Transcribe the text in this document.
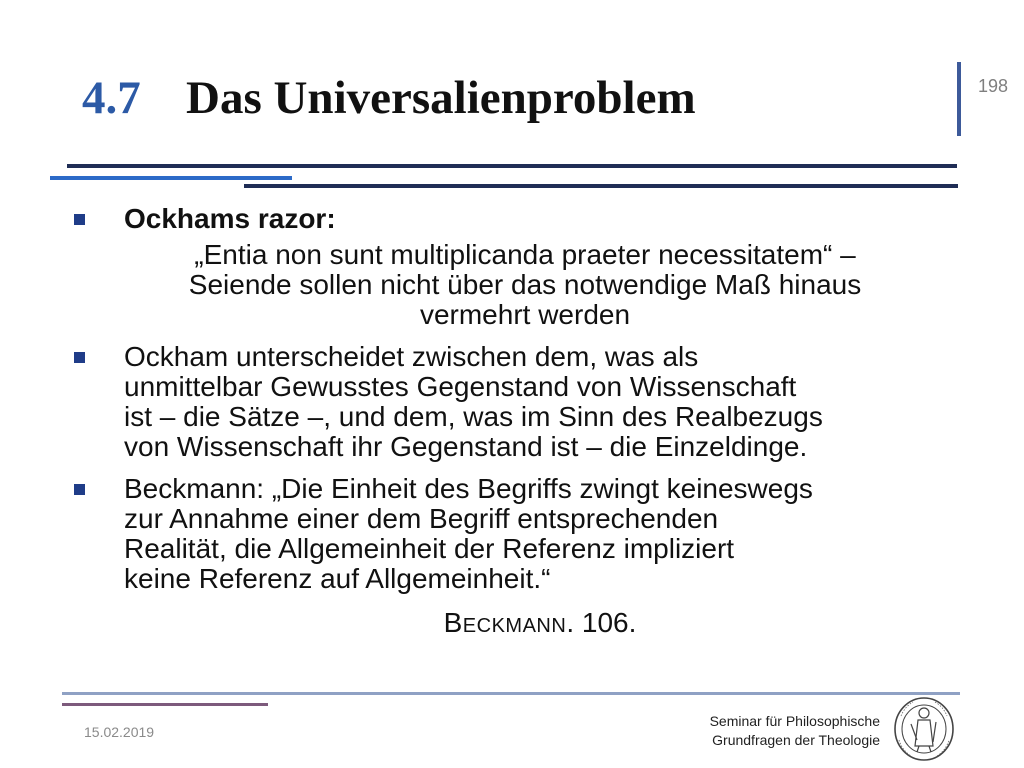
4.7 Das Universalienproblem	198
Ockhams razor:
„Entia non sunt multiplicanda praeter necessitatem“ –
Seiende sollen nicht über das notwendige Maß hinaus
vermehrt werden
Ockham unterscheidet zwischen dem, was als
unmittelbar Gewusstes Gegenstand von Wissenschaft
ist – die Sätze –, und dem, was im Sinn des Realbezugs
von Wissenschaft ihr Gegenstand ist – die Einzeldinge.
Beckmann: „Die Einheit des Begriffs zwingt keineswegs
zur Annahme einer dem Begriff entsprechenden
Realität, die Allgemeinheit der Referenz impliziert
keine Referenz auf Allgemeinheit.“
Beckmann. 106.
15.02.2019
Seminar für Philosophische
Grundfragen der Theologie
